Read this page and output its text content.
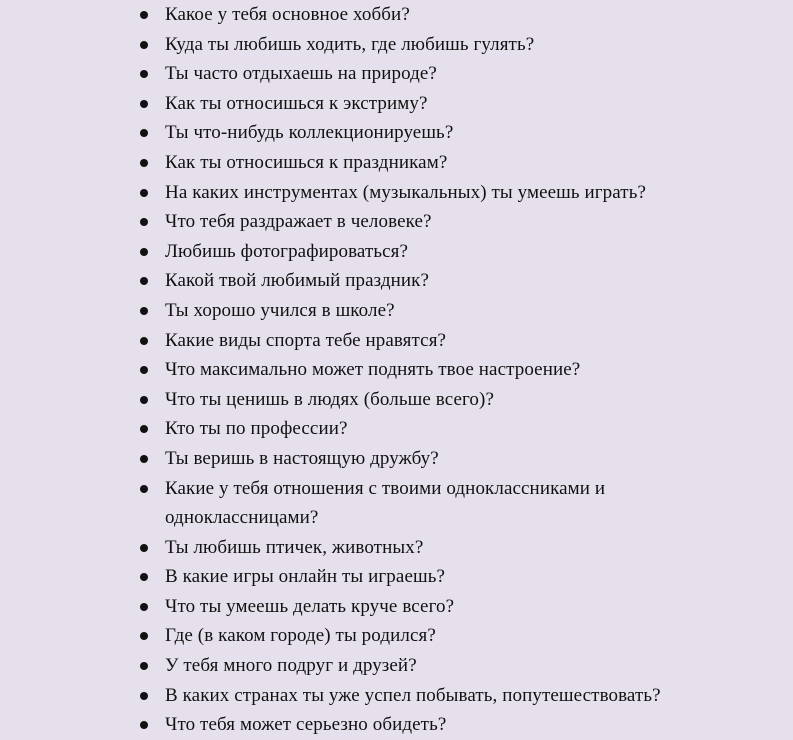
Какое у тебя основное хобби?
Куда ты любишь ходить, где любишь гулять?
Ты часто отдыхаешь на природе?
Как ты относишься к экстриму?
Ты что-нибудь коллекционируешь?
Как ты относишься к праздникам?
На каких инструментах (музыкальных) ты умеешь играть?
Что тебя раздражает в человеке?
Любишь фотографироваться?
Какой твой любимый праздник?
Ты хорошо учился в школе?
Какие виды спорта тебе нравятся?
Что максимально может поднять твое настроение?
Что ты ценишь в людях (больше всего)?
Кто ты по профессии?
Ты веришь в настоящую дружбу?
Какие у тебя отношения с твоими одноклассниками и одноклассницами?
Ты любишь птичек, животных?
В какие игры онлайн ты играешь?
Что ты умеешь делать круче всего?
Где (в каком городе) ты родился?
У тебя много подруг и друзей?
В каких странах ты уже успел побывать, попутешествовать?
Что тебя может серьезно обидеть?
